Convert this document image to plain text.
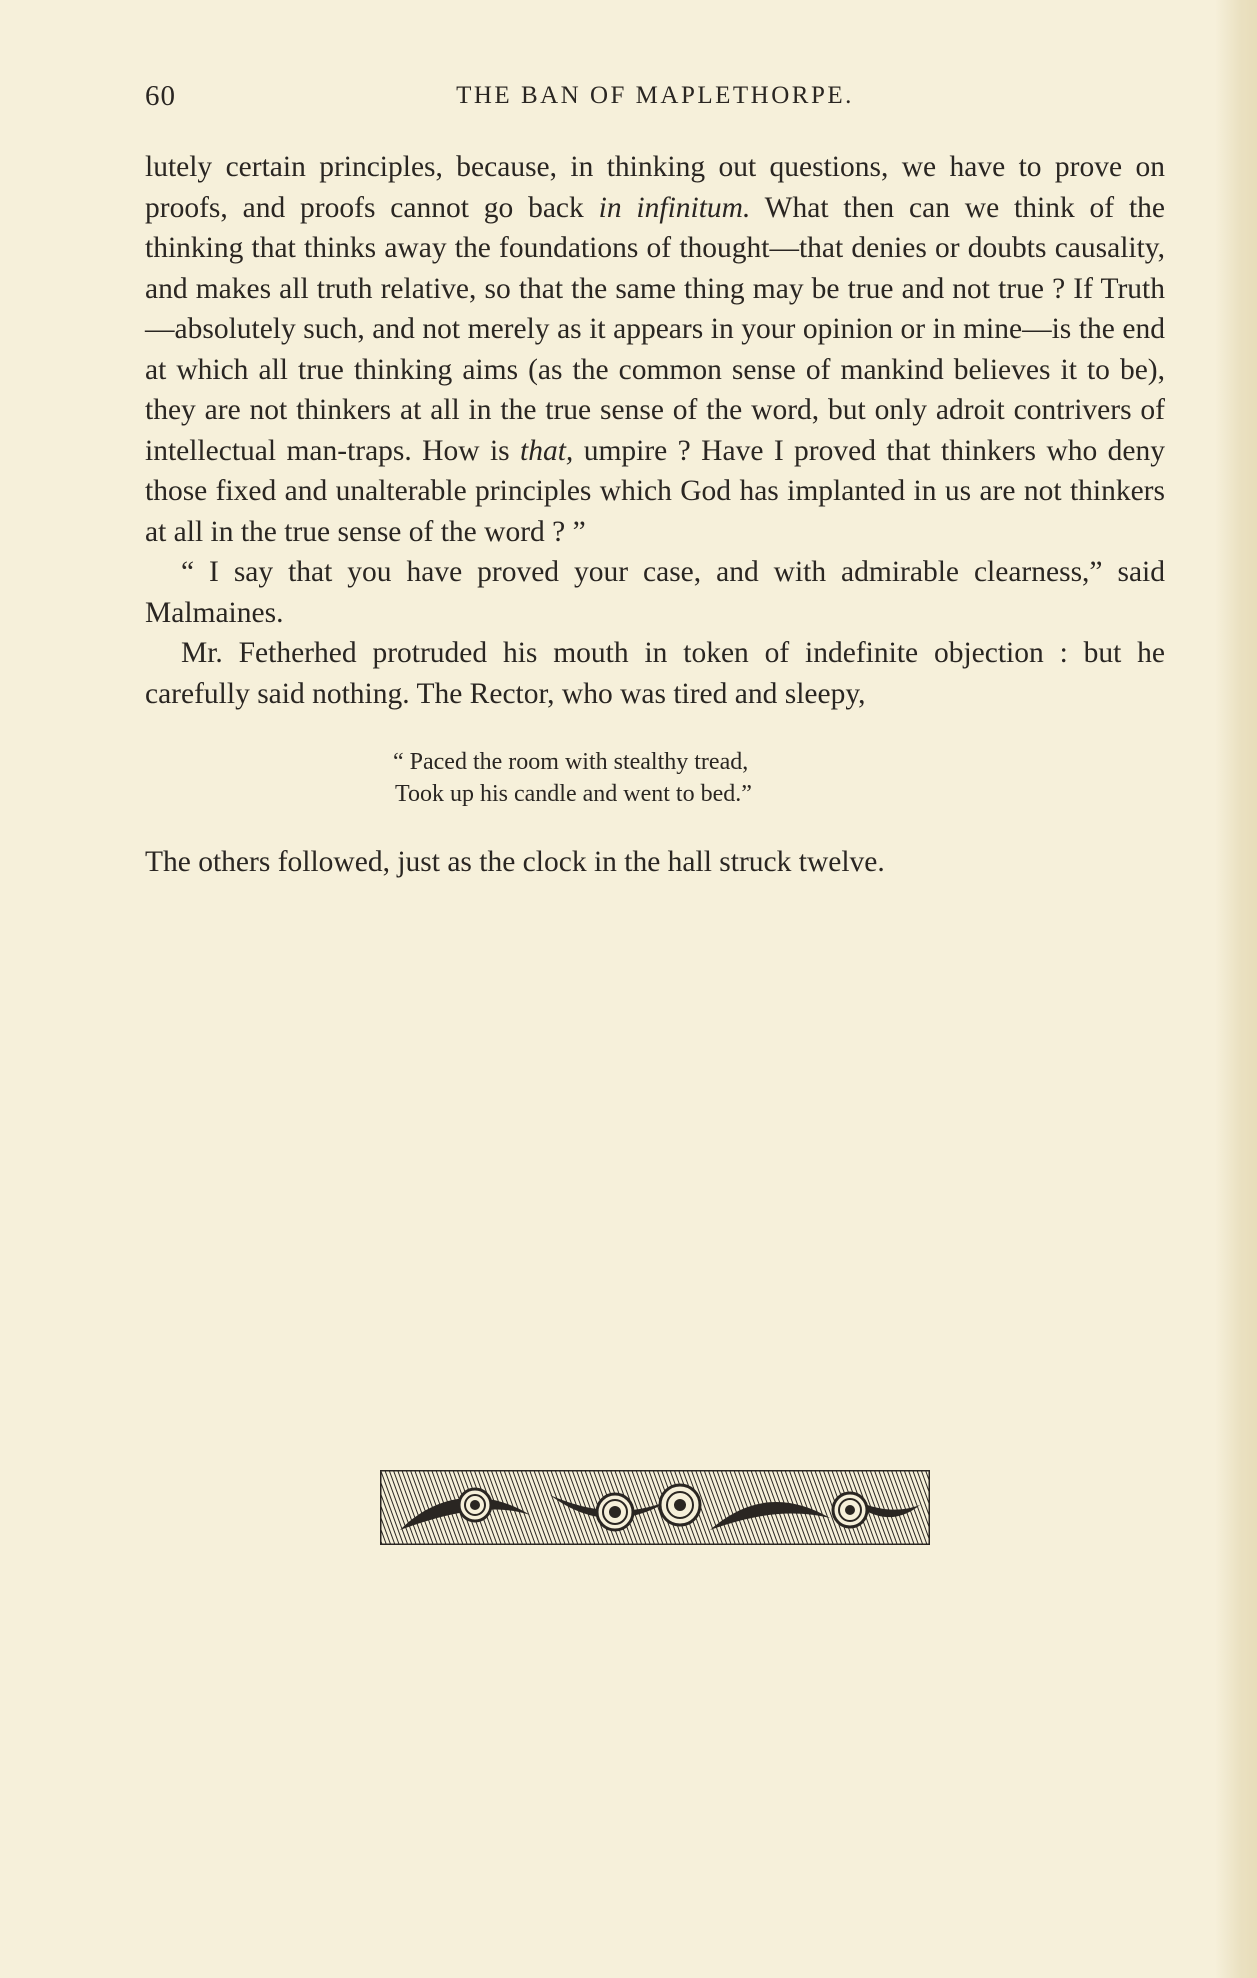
60	THE BAN OF MAPLETHORPE.

lutely certain principles, because, in thinking out questions, we have to prove on proofs, and proofs cannot go back in infinitum. What then can we think of the thinking that thinks away the foundations of thought—that denies or doubts causality, and makes all truth relative, so that the same thing may be true and not true ? If Truth—absolutely such, and not merely as it appears in your opinion or in mine—is the end at which all true thinking aims (as the common sense of mankind believes it to be), they are not thinkers at all in the true sense of the word, but only adroit contrivers of intellectual man-traps. How is that, umpire ? Have I proved that thinkers who deny those fixed and unalterable principles which God has implanted in us are not thinkers at all in the true sense of the word ? ”

“ I say that you have proved your case, and with admirable clearness,” said Malmaines.

Mr. Fetherhed protruded his mouth in token of indefinite objection : but he carefully said nothing. The Rector, who was tired and sleepy,

“ Paced the room with stealthy tread,
Took up his candle and went to bed.”

The others followed, just as the clock in the hall struck twelve.
